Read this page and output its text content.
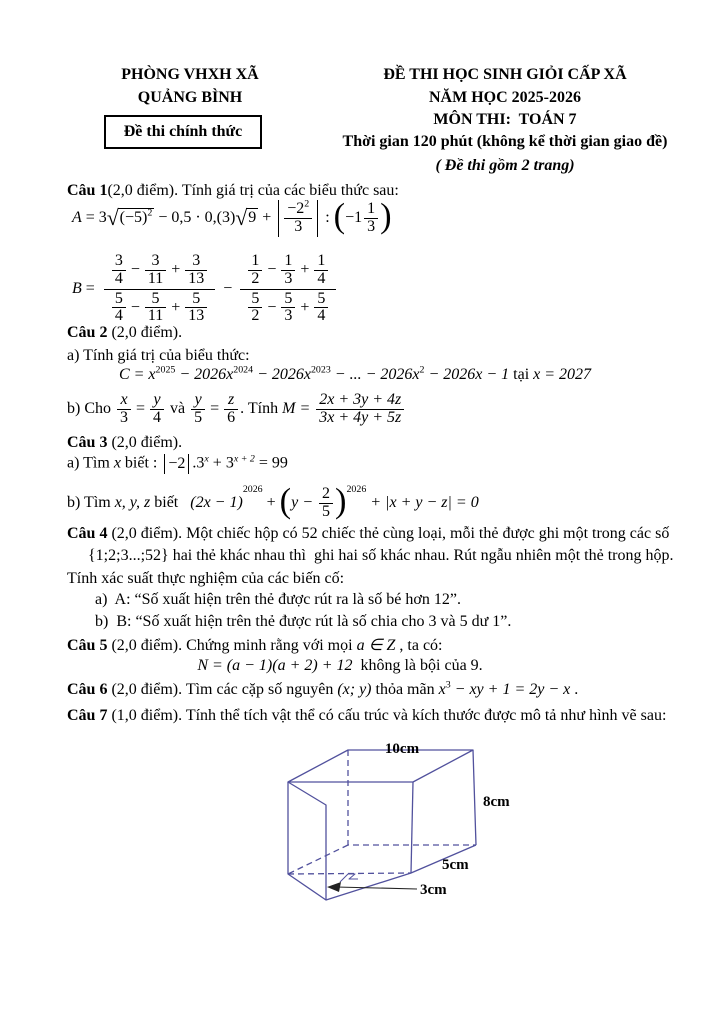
PHÒNG VHXH XÃ
QUẢNG BÌNH
Đề thi chính thức
ĐỀ THI HỌC SINH GIỎI CẤP XÃ
NĂM HỌC 2025-2026
MÔN THI:  TOÁN 7
Thời gian 120 phút (không kể thời gian giao đề)
( Đề thi gồm 2 trang)
Câu 1(2,0 điểm). Tính giá trị của các biểu thức sau:
$A = 3√(-5)^2 - 0,5 \cdot 0,(3)√9 + \frac{-2^2}{3}$ : ($-1 \frac{1}{3}$ )
$B = \frac{\frac{3}{4} - \frac{3}{11} + \frac{3}{13}}{\frac{5}{4} - \frac{5}{11} + \frac{5}{13}} - \frac{\frac{1}{2} - \frac{1}{3} + \frac{1}{4}}{\frac{5}{2} - \frac{5}{3} + \frac{5}{4}}$
Câu 2 (2,0 điểm).
a) Tính giá trị của biểu thức:
$C = x^{2025} - 2026x^{2024} - 2026x^{2023}$ − ... − $2026x^2 - 2026x - 1$ tại x = 2027
b) Cho $\frac{x}{3} = \frac{y}{4}$ và $\frac{y}{5} = \frac{z}{6}$ . Tính $M = \frac{2x + 3y + 4z}{3x + 4y + 5z}$
Câu 3 (2,0 điểm).
a) Tìm x biết : −2 $.3^x + 3^{x + 2} = 99$
b) Tìm x, y, z biết   $(2x - 1)^{2026} + (y - \frac{2}{5} )^{2026} + |x + y - z| = 0$
Câu 4 (2,0 điểm). Một chiếc hộp có 52 chiếc thẻ cùng loại, mỗi thẻ được ghi một trong các số
{1;2;3...;52} hai thẻ khác nhau thì  ghi hai số khác nhau. Rút ngẫu nhiên một thẻ trong hộp.
Tính xác suất thực nghiệm của các biến cố:
a)  A: “Số xuất hiện trên thẻ được rút ra là số bé hơn 12”.
b)  B: “Số xuất hiện trên thẻ được rút là số chia cho 3 và 5 dư 1”.
Câu 5 (2,0 điểm). Chứng minh rằng với mọi a ∈ Z , ta có:
N = (a − 1)(a + 2) + 12  không là bội của 9.
Câu 6 (2,0 điểm). Tìm các cặp số nguyên (x; y) thỏa mãn $x^3$ − xy + 1 = 2y − x .
Câu 7 (1,0 điểm). Tính thể tích vật thể có cấu trúc và kích thước được mô tả như hình vẽ sau:
10cm
8cm
5cm
3cm
